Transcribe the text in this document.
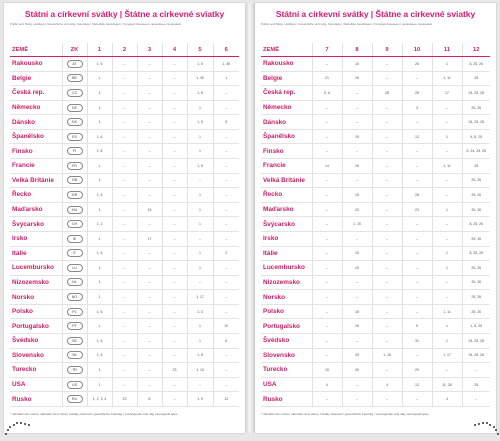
Státní a církevní svátky | Štátne a cirkevné sviatky
Public and Relig. Holidays | Gesetzliche und relig. Feiertage | Wettelijke feestdagen | Государственные и церковные праздники
ZEMĚ	ZK	1	2	3	4	5	6
Rakousko	AT	1, 6	–	–	–	1, 5	1, 30
Belgie	BE	1	–	–	–	1, 30	1
Česká rep.	CZ	1	–	–	–	1, 8	–
Německo	DE	1	–	–	–	1	–
Dánsko	DK	1	–	–	–	1, 5	5
Španělsko	ES	1, 6	–	–	–	1	–
Finsko	FI	1, 6	–	–	–	1	–
Francie	FR	1	–	–	–	1, 8	–
Velká Británie	GB	1	–	–	–	–	–
Řecko	GR	1, 6	–	–	–	1	–
Maďarsko	HU	1	–	15	–	1	–
Švýcarsko	CH	1, 2	–	–	–	1	–
Irsko	IE	1	–	17	–	–	–
Itálie	IT	1, 6	–	–	–	1	2
Lucembursko	LU	1	–	–	–	1	–
Nizozemsko	NL	1	–	–	–	–	–
Norsko	NO	1	–	–	–	1, 17	–
Polsko	PL	1, 6	–	–	–	1, 3	–
Portugalsko	PT	1	–	–	–	1	10
Švédsko	SE	1, 6	–	–	–	1	6
Slovensko	SK	1, 6	–	–	–	1, 8	–
Turecko	TR	1	–	–	23	1, 19	–
USA	US	1	–	–	–	–	–
Rusko	RU	1, 2, 3, 4	23	8	–	1, 9	12
* náhradní den volna | náhradný deň voľna | holiday observed | gesetzlicher Feiertag | vervangende vrije dag | выходной день
Státní a církevní svátky | Štátne a cirkevné sviatky
Public and Relig. Holidays | Gesetzliche und relig. Feiertage | Wettelijke feestdagen | Государственные и церковные праздники
ZEMĚ	7	8	9	10	11	12
Rakousko	–	15	–	26	1	8, 25, 26
Belgie	21	15	–	–	1, 11	25
Česká rep.	5, 6	–	28	28	17	24, 25, 26
Německo	–	–	–	3	–	25, 26
Dánsko	–	–	–	–	–	24, 25, 26
Španělsko	–	15	–	12	1	6, 8, 25
Finsko	–	–	–	–	–	6, 24, 25, 26
Francie	14	15	–	–	1, 11	25
Velká Británie	–	–	–	–	–	25, 26
Řecko	–	15	–	28	–	25, 26
Maďarsko	–	20	–	23	1	25, 26
Švýcarsko	–	1, 15	–	–	–	8, 25, 26
Irsko	–	–	–	–	–	25, 26
Itálie	–	15	–	–	1	8, 25, 26
Lucembursko	–	15	–	–	1	25, 26
Nizozemsko	–	–	–	–	–	25, 26
Norsko	–	–	–	–	–	25, 26
Polsko	–	15	–	–	1, 11	25, 26
Portugalsko	–	15	–	5	1	1, 8, 25
Švédsko	–	–	–	31	1	24, 25, 26
Slovensko	–	29	1, 15	–	1, 17	24, 25, 26
Turecko	15	30	–	29	–	–
USA	4	–	4	12	11, 26	25
Rusko	–	–	–	–	4	–
* náhradní den volna | náhradný deň voľna | holiday observed | gesetzlicher Feiertag | vervangende vrije dag | выходной день
